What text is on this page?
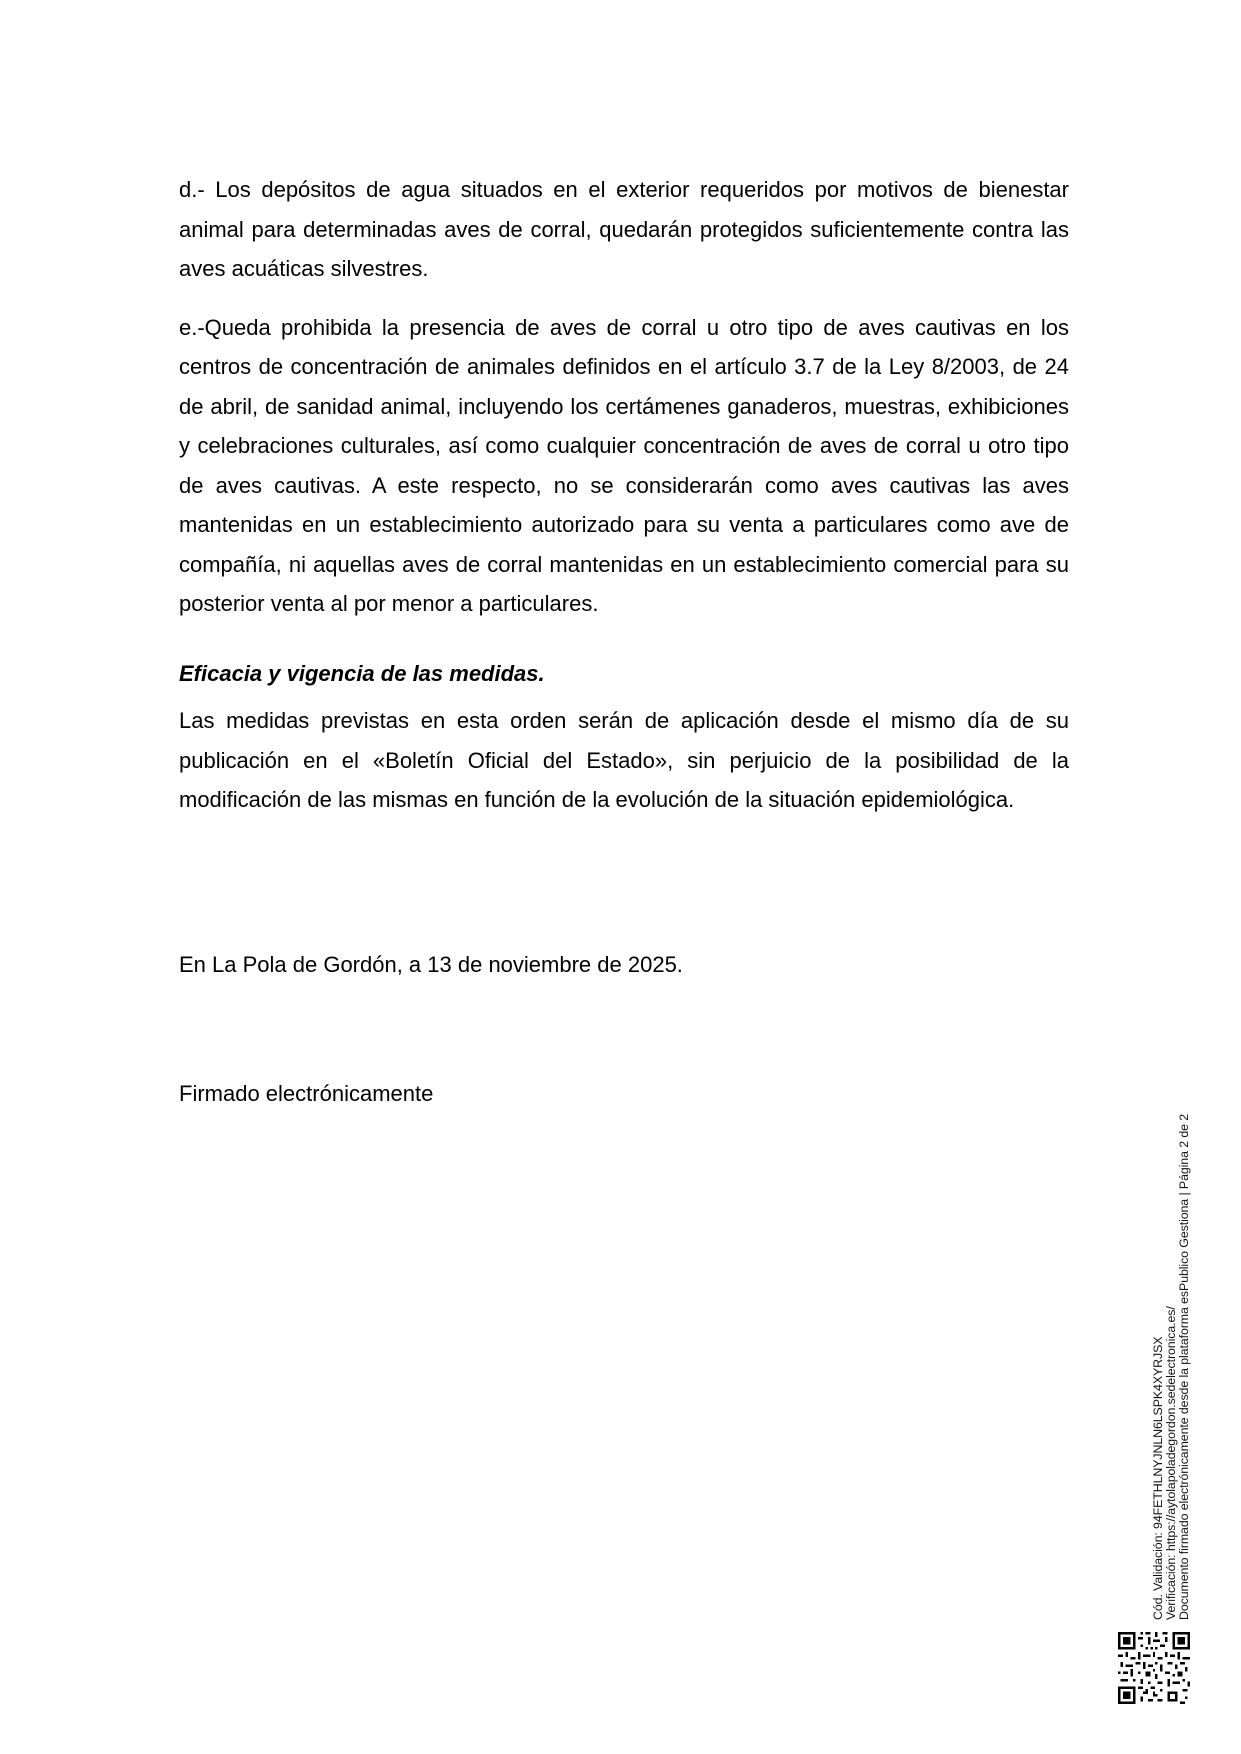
d.- Los depósitos de agua situados en el exterior requeridos por motivos de bienestar animal para determinadas aves de corral, quedarán protegidos suficientemente contra las aves acuáticas silvestres.

e.-Queda prohibida la presencia de aves de corral u otro tipo de aves cautivas en los centros de concentración de animales definidos en el artículo 3.7 de la Ley 8/2003, de 24 de abril, de sanidad animal, incluyendo los certámenes ganaderos, muestras, exhibiciones y celebraciones culturales, así como cualquier concentración de aves de corral u otro tipo de aves cautivas. A este respecto, no se considerarán como aves cautivas las aves mantenidas en un establecimiento autorizado para su venta a particulares como ave de compañía, ni aquellas aves de corral mantenidas en un establecimiento comercial para su posterior venta al por menor a particulares.

Eficacia y vigencia de las medidas.

Las medidas previstas en esta orden serán de aplicación desde el mismo día de su publicación en el «Boletín Oficial del Estado», sin perjuicio de la posibilidad de la modificación de las mismas en función de la evolución de la situación epidemiológica.

En La Pola de Gordón, a 13 de noviembre de 2025.

Firmado electrónicamente

Cód. Validación: 94FETHLNYJNLN6LSPK4XYRJSX Verificación: https://aytolapoladegordon.sedelectronica.es/ Documento firmado electrónicamente desde la plataforma esPublico Gestiona | Página 2 de 2
